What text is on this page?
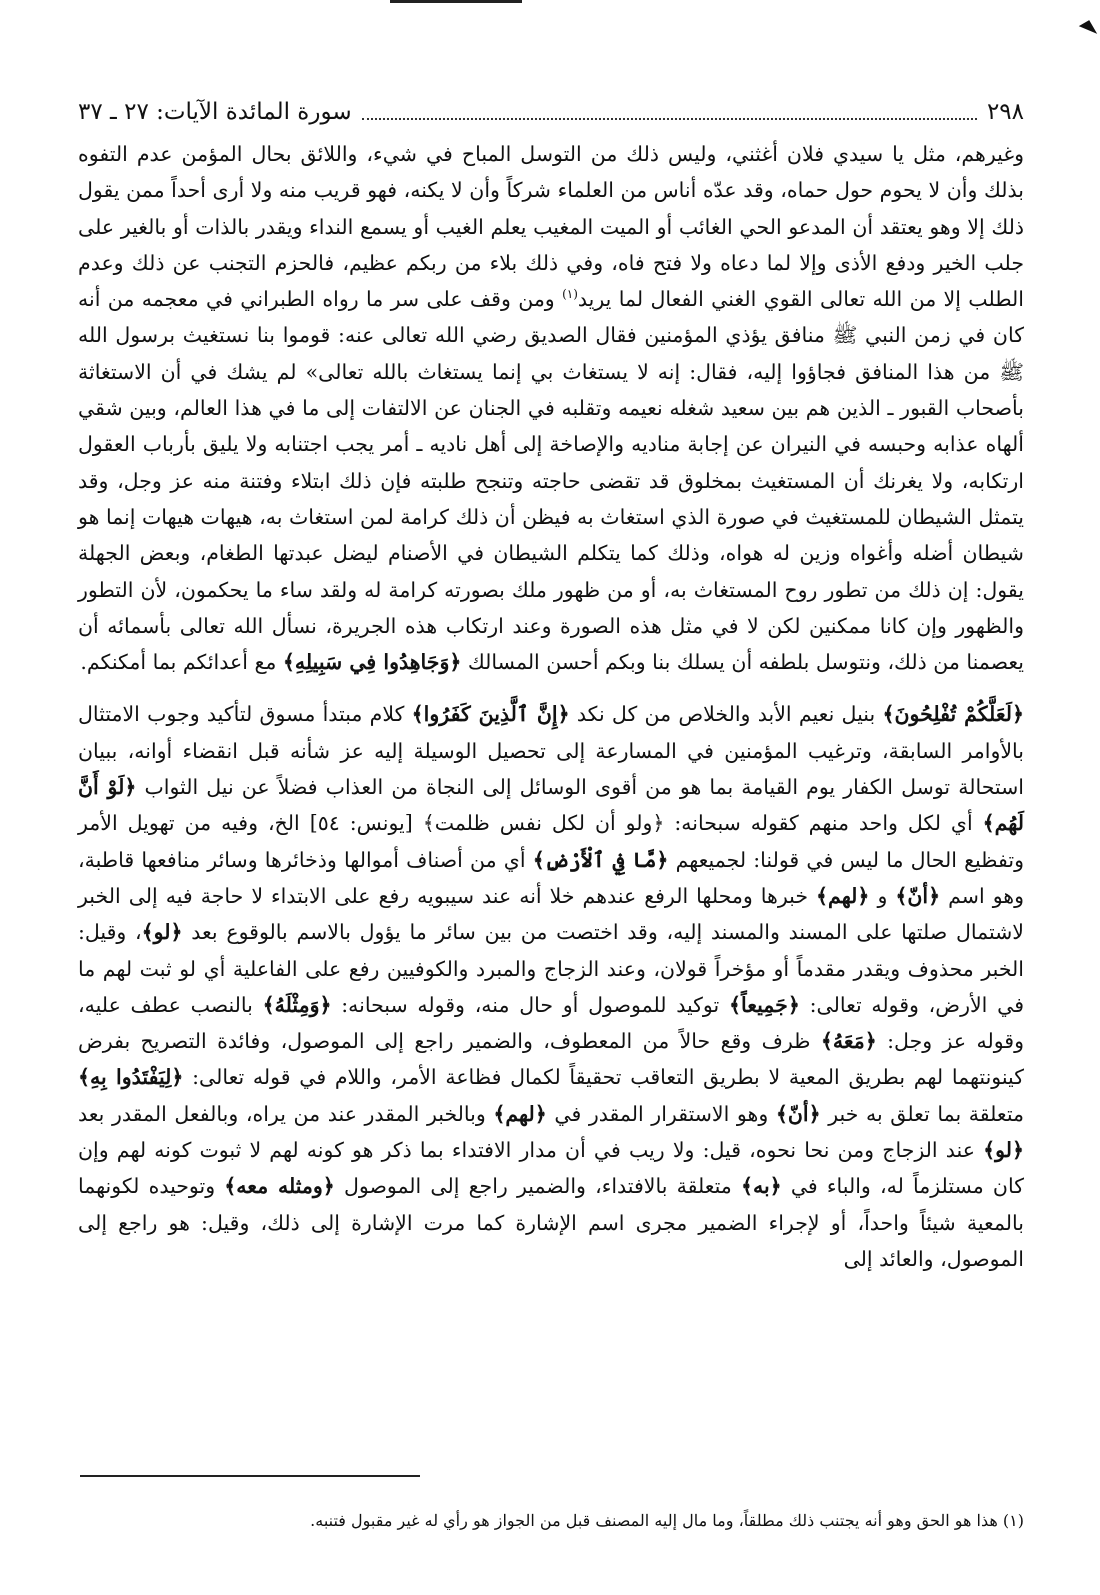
٢٩٨
سورة المائدة الآيات: ٢٧ ـ ٣٧

وغيرهم، مثل يا سيدي فلان أغثني، وليس ذلك من التوسل المباح في شيء، واللائق بحال المؤمن عدم التفوه بذلك وأن لا يحوم حول حماه، وقد عدّه أناس من العلماء شركاً وأن لا يكنه، فهو قريب منه ولا أرى أحداً ممن يقول ذلك إلا وهو يعتقد أن المدعو الحي الغائب أو الميت المغيب يعلم الغيب أو يسمع النداء ويقدر بالذات أو بالغير على جلب الخير ودفع الأذى وإلا لما دعاه ولا فتح فاه، وفي ذلك بلاء من ربكم عظيم، فالحزم التجنب عن ذلك وعدم الطلب إلا من الله تعالى القوي الغني الفعال لما يريد$^{(١)}$ ومن وقف على سر ما رواه الطبراني في معجمه من أنه كان في زمن النبي ﷺ منافق يؤذي المؤمنين فقال الصديق رضي الله تعالى عنه: قوموا بنا نستغيث برسول الله ﷺ من هذا المنافق فجاؤوا إليه، فقال: إنه لا يستغاث بي إنما يستغاث بالله تعالى» لم يشك في أن الاستغاثة بأصحاب القبور ـ الذين هم بين سعيد شغله نعيمه وتقلبه في الجنان عن الالتفات إلى ما في هذا العالم، وبين شقي ألهاه عذابه وحبسه في النيران عن إجابة مناديه والإصاخة إلى أهل ناديه ـ أمر يجب اجتنابه ولا يليق بأرباب العقول ارتكابه، ولا يغرنك أن المستغيث بمخلوق قد تقضى حاجته وتنجح طلبته فإن ذلك ابتلاء وفتنة منه عز وجل، وقد يتمثل الشيطان للمستغيث في صورة الذي استغاث به فيظن أن ذلك كرامة لمن استغاث به، هيهات هيهات إنما هو شيطان أضله وأغواه وزين له هواه، وذلك كما يتكلم الشيطان في الأصنام ليضل عبدتها الطغام، وبعض الجهلة يقول: إن ذلك من تطور روح المستغاث به، أو من ظهور ملك بصورته كرامة له ولقد ساء ما يحكمون، لأن التطور والظهور وإن كانا ممكنين لكن لا في مثل هذه الصورة وعند ارتكاب هذه الجريرة، نسأل الله تعالى بأسمائه أن يعصمنا من ذلك، ونتوسل بلطفه أن يسلك بنا وبكم أحسن المسالك ﴿وَجَاهِدُوا فِي سَبِيلِهِ﴾ مع أعدائكم بما أمكنكم.

﴿لَعَلَّكُمْ تُفْلِحُونَ﴾ بنيل نعيم الأبد والخلاص من كل نكد ﴿إِنَّ ٱلَّذِينَ كَفَرُوا﴾ كلام مبتدأ مسوق لتأكيد وجوب الامتثال بالأوامر السابقة، وترغيب المؤمنين في المسارعة إلى تحصيل الوسيلة إليه عز شأنه قبل انقضاء أوانه، ببيان استحالة توسل الكفار يوم القيامة بما هو من أقوى الوسائل إلى النجاة من العذاب فضلاً عن نيل الثواب ﴿لَوْ أَنَّ لَهُم﴾ أي لكل واحد منهم كقوله سبحانه: ﴿ولو أن لكل نفس ظلمت﴾ [يونس: ٥٤] الخ، وفيه من تهويل الأمر وتفظيع الحال ما ليس في قولنا: لجميعهم ﴿مَّا فِي ٱلْأَرْضِ﴾ أي من أصناف أموالها وذخائرها وسائر منافعها قاطبة، وهو اسم ﴿أنّ﴾ و ﴿لهم﴾ خبرها ومحلها الرفع عندهم خلا أنه عند سيبويه رفع على الابتداء لا حاجة فيه إلى الخبر لاشتمال صلتها على المسند والمسند إليه، وقد اختصت من بين سائر ما يؤول بالاسم بالوقوع بعد ﴿لو﴾، وقيل: الخبر محذوف ويقدر مقدماً أو مؤخراً قولان، وعند الزجاج والمبرد والكوفيين رفع على الفاعلية أي لو ثبت لهم ما في الأرض، وقوله تعالى: ﴿جَمِيعاً﴾ توكيد للموصول أو حال منه، وقوله سبحانه: ﴿وَمِثْلَهُ﴾ بالنصب عطف عليه، وقوله عز وجل: ﴿مَعَهُ﴾ ظرف وقع حالاً من المعطوف، والضمير راجع إلى الموصول، وفائدة التصريح بفرض كينونتهما لهم بطريق المعية لا بطريق التعاقب تحقيقاً لكمال فظاعة الأمر، واللام في قوله تعالى: ﴿لِيَفْتَدُوا بِهِ﴾ متعلقة بما تعلق به خبر ﴿أنّ﴾ وهو الاستقرار المقدر في ﴿لهم﴾ وبالخبر المقدر عند من يراه، وبالفعل المقدر بعد ﴿لو﴾ عند الزجاج ومن نحا نحوه، قيل: ولا ريب في أن مدار الافتداء بما ذكر هو كونه لهم لا ثبوت كونه لهم وإن كان مستلزماً له، والباء في ﴿به﴾ متعلقة بالافتداء، والضمير راجع إلى الموصول ﴿ومثله معه﴾ وتوحيده لكونهما بالمعية شيئاً واحداً، أو لإجراء الضمير مجرى اسم الإشارة كما مرت الإشارة إلى ذلك، وقيل: هو راجع إلى الموصول، والعائد إلى

(١) هذا هو الحق وهو أنه يجتنب ذلك مطلقاً، وما مال إليه المصنف قبل من الجواز هو رأي له غير مقبول فتنبه.
